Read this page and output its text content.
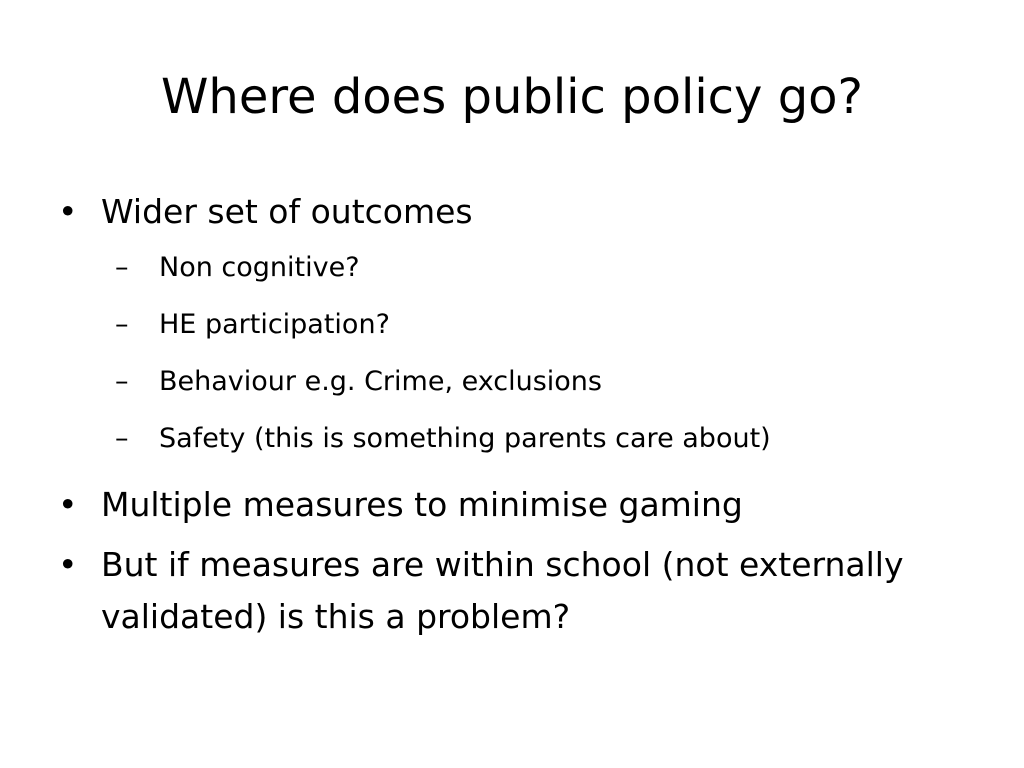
Where does public policy go?
• Wider set of outcomes
– Non cognitive?
– HE participation?
– Behaviour e.g. Crime, exclusions
– Safety (this is something parents care about)
• Multiple measures to minimise gaming
• But if measures are within school (not externally validated) is this a problem?
